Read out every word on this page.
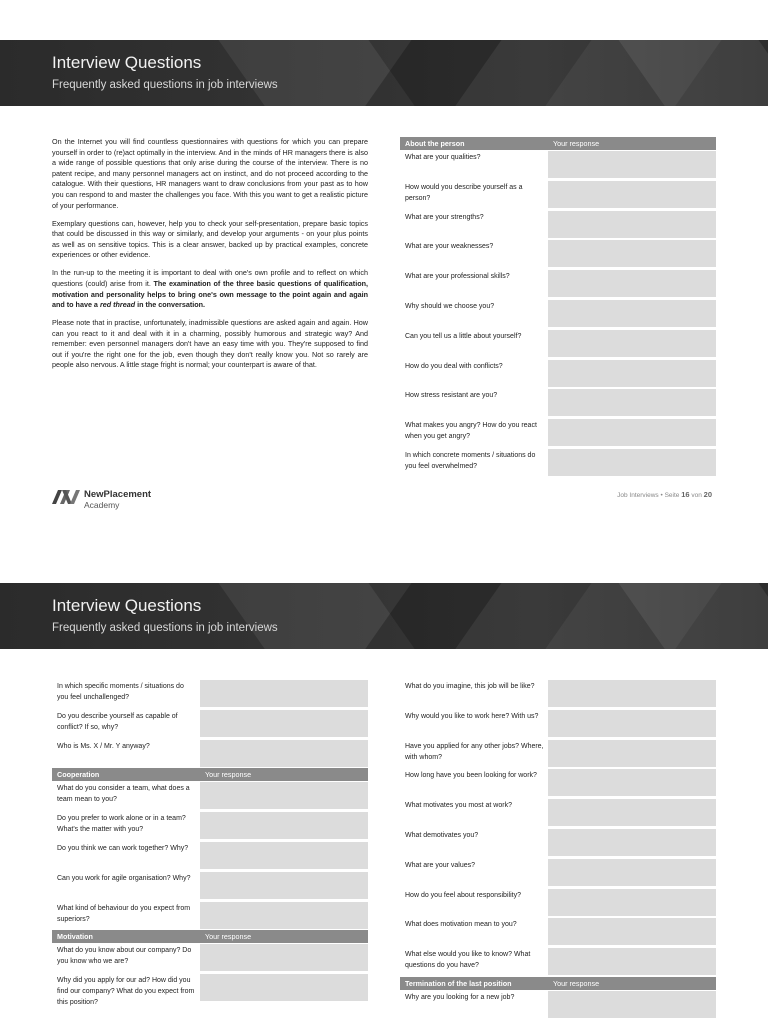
Interview Questions
Frequently asked questions in job interviews

On the Internet you will find countless questionnaires with questions for which you can prepare yourself in order to (re)act optimally in the interview. And in the minds of HR managers there is also a wide range of possible questions that only arise during the course of the interview. There is no patent recipe, and many personnel managers act on instinct, and do not proceed according to the catalogue. With their questions, HR managers want to draw conclusions from your past as to how you can respond to and master the challenges you face. With this you want to get a realistic picture of your performance.

Exemplary questions can, however, help you to check your self-presentation, prepare basic topics that could be discussed in this way or similarly, and develop your arguments - on your plus points as well as on sensitive topics. This is a clear answer, backed up by practical examples, concrete experiences or other evidence.

In the run-up to the meeting it is important to deal with one's own profile and to reflect on which questions (could) arise from it. The examination of the three basic questions of qualification, motivation and personality helps to bring one's own message to the point again and again and to have a red thread in the conversation.

Please note that in practise, unfortunately, inadmissible questions are asked again and again. How can you react to it and deal with it in a charming, possibly humorous and strategic way? And remember: even personnel managers don't have an easy time with you. They're supposed to find out if you're the right one for the job, even though they don't really know you. Not so rarely are people also nervous. A little stage fright is normal; your counterpart is aware of that.

About the person	Your response
What are your qualities?
How would you describe yourself as a person?
What are your strengths?
What are your weaknesses?
What are your professional skills?
Why should we choose you?
Can you tell us a little about yourself?
How do you deal with conflicts?
How stress resistant are you?
What makes you angry? How do you react when you get angry?
In which concrete moments / situations do you feel overwhelmed?
NewPlacement
Academy
Job Interviews • Seite 16 von 20
Interview Questions
Frequently asked questions in job interviews
In which specific moments / situations do you feel unchallenged?
Do you describe yourself as capable of conflict? If so, why?
Who is Ms. X / Mr. Y anyway?
Cooperation	Your response
What do you consider a team, what does a team mean to you?
Do you prefer to work alone or in a team? What's the matter with you?
Do you think we can work together? Why?
Can you work for agile organisation? Why?
What kind of behaviour do you expect from superiors?
Motivation	Your response
What do you know about our company? Do you know who we are?
Why did you apply for our ad? How did you find our company? What do you expect from this position?
What do you imagine, this job will be like?
Why would you like to work here? With us?
Have you applied for any other jobs? Where, with whom?
How long have you been looking for work?
What motivates you most at work?
What demotivates you?
What are your values?
How do you feel about responsibility?
What does motivation mean to you?
What else would you like to know? What questions do you have?
Termination of the last position	Your response
Why are you looking for a new job?
